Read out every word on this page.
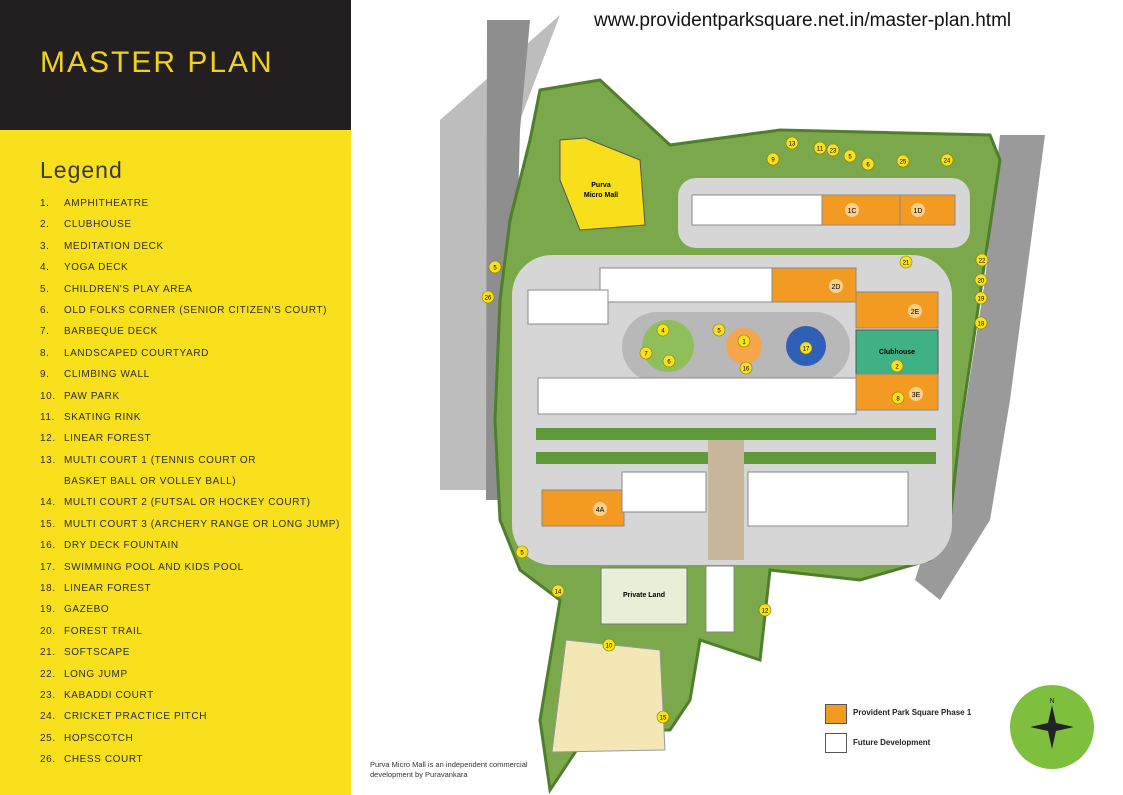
MASTER PLAN
Legend
1. AMPHITHEATRE
2. CLUBHOUSE
3. MEDITATION DECK
4. YOGA DECK
5. CHILDREN'S PLAY AREA
6. OLD FOLKS CORNER (SENIOR CITIZEN'S COURT)
7. BARBEQUE DECK
8. LANDSCAPED COURTYARD
9. CLIMBING WALL
10. PAW PARK
11. SKATING RINK
12. LINEAR FOREST
13. MULTI COURT 1 (TENNIS COURT OR
BASKET BALL OR VOLLEY BALL)
14. MULTI COURT 2 (FUTSAL OR HOCKEY COURT)
15. MULTI COURT 3 (ARCHERY RANGE OR LONG JUMP)
16. DRY DECK FOUNTAIN
17. SWIMMING POOL AND KIDS POOL
18. LINEAR FOREST
19. GAZEBO
20. FOREST TRAIL
21. SOFTSCAPE
22. LONG JUMP
23. KABADDI COURT
24. CRICKET PRACTICE PITCH
25. HOPSCOTCH
26. CHESS COURT
www.providentparksquare.net.in/master-plan.html
Purva
Micro Mall
Clubhouse
Private Land
1C	1D
2D
2E
3E
4A
1
2
4	5
5
5
5
6
6
7
8
9
10
11
12
13
14
15
16
17
18
19
20
21	22
23
24
25
26
N
Provident Park Square Phase 1
Future Development
Purva Micro Mall is an independent commercial development by Puravankara
